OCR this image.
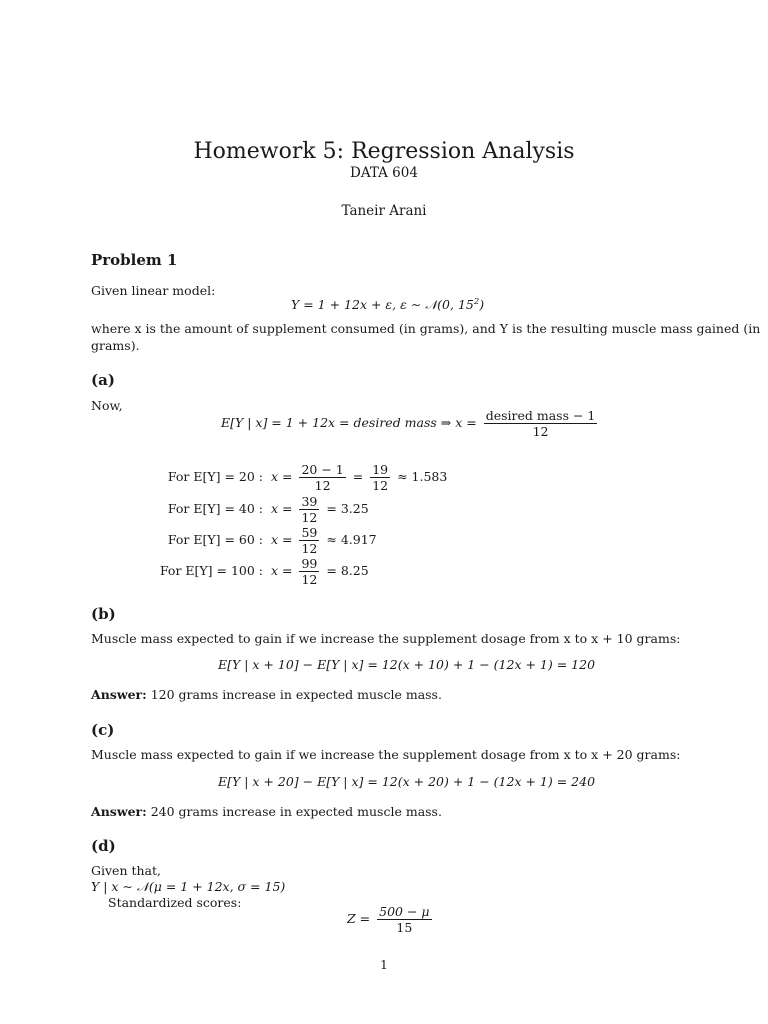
Homework 5: Regression Analysis
DATA 604
Taneir Arani
Problem 1
Given linear model:
Y = 1 + 12x + ε, ε ∼ 𝒩(0, $15^2$)
where x is the amount of supplement consumed (in grams), and Y is the resulting muscle mass gained (in
grams).
(a)
Now,
E[Y | x] = 1 + 12x = desired mass ⇒ $x = \frac{\text{desired mass − 1}}{12}$
For E[Y] = 20 : $x = \frac{20 - 1}{12} = \frac{19}{12} \approx 1.583$
For E[Y] = 40 : $x = \frac{39}{12} = 3.25$
For E[Y] = 60 : $x = \frac{59}{12} \approx 4.917$
For E[Y] = 100 : $x = \frac{99}{12} = 8.25$
(b)
Muscle mass expected to gain if we increase the supplement dosage from x to x + 10 grams:
E[Y | x + 10] − E[Y | x] = 12(x + 10) + 1 − (12x + 1) = 120
Answer: 120 grams increase in expected muscle mass.
(c)
Muscle mass expected to gain if we increase the supplement dosage from x to x + 20 grams:
E[Y | x + 20] − E[Y | x] = 12(x + 20) + 1 − (12x + 1) = 240
Answer: 240 grams increase in expected muscle mass.
(d)
Given that,
Y | x ∼ 𝒩(μ = 1 + 12x, σ = 15)
Standardized scores:
$Z = \frac{500 - \mu}{15}$
1
